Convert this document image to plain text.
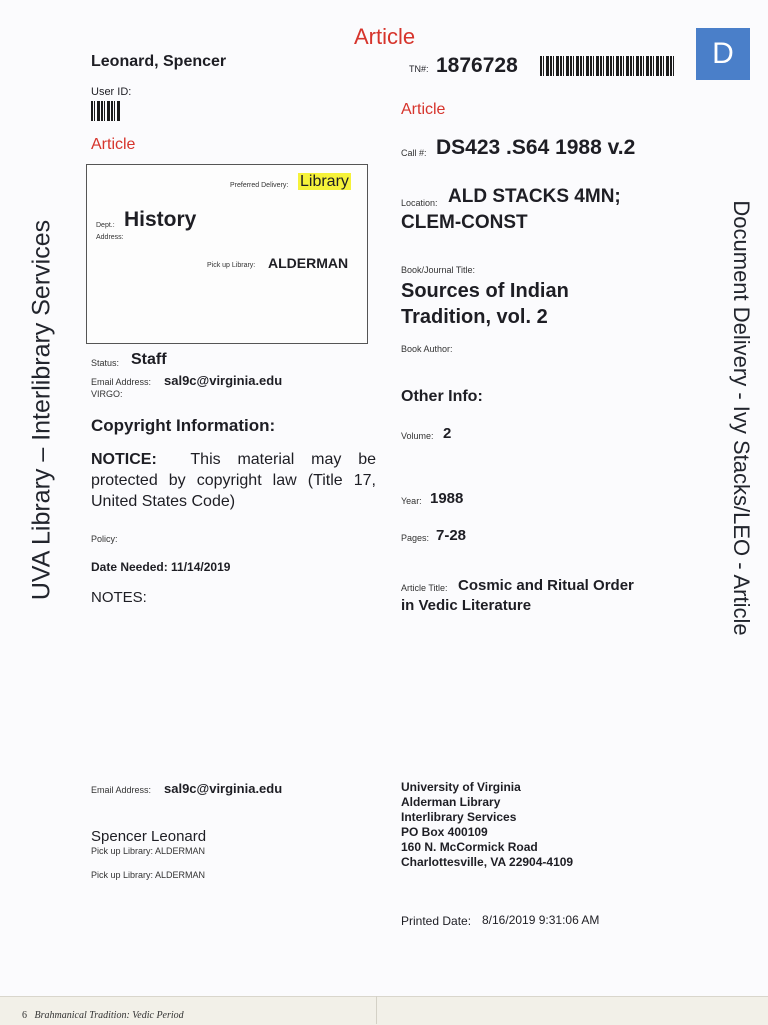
UVA Library – Interlibrary Services	Document Delivery - Ivy Stacks/LEO - Article
Article
Leonard, Spencer
User ID:
TN#: 1876728	D
Article
Preferred Delivery: Library
Dept.: History
Address:
Pick up Library: ALDERMAN
Status: Staff
Email Address: sal9c@virginia.edu
VIRGO:
Copyright Information:
NOTICE: This material may be protected by copyright law (Title 17, United States Code)
Policy:
Date Needed: 11/14/2019
NOTES:
Article
Call #: DS423 .S64 1988 v.2
Location: ALD STACKS 4MN;
CLEM-CONST
Book/Journal Title:
Sources of Indian
Tradition, vol. 2
Book Author:
Other Info:
Volume: 2
Year: 1988
Pages: 7-28
Article Title: Cosmic and Ritual Order
in Vedic Literature
Email Address: sal9c@virginia.edu
Spencer Leonard
Pick up Library: ALDERMAN
Pick up Library: ALDERMAN
University of Virginia
Alderman Library
Interlibrary Services
PO Box 400109
160 N. McCormick Road
Charlottesville, VA 22904-4109
Printed Date: 8/16/2019 9:31:06 AM
6 Brahmanical Tradition: Vedic Period
